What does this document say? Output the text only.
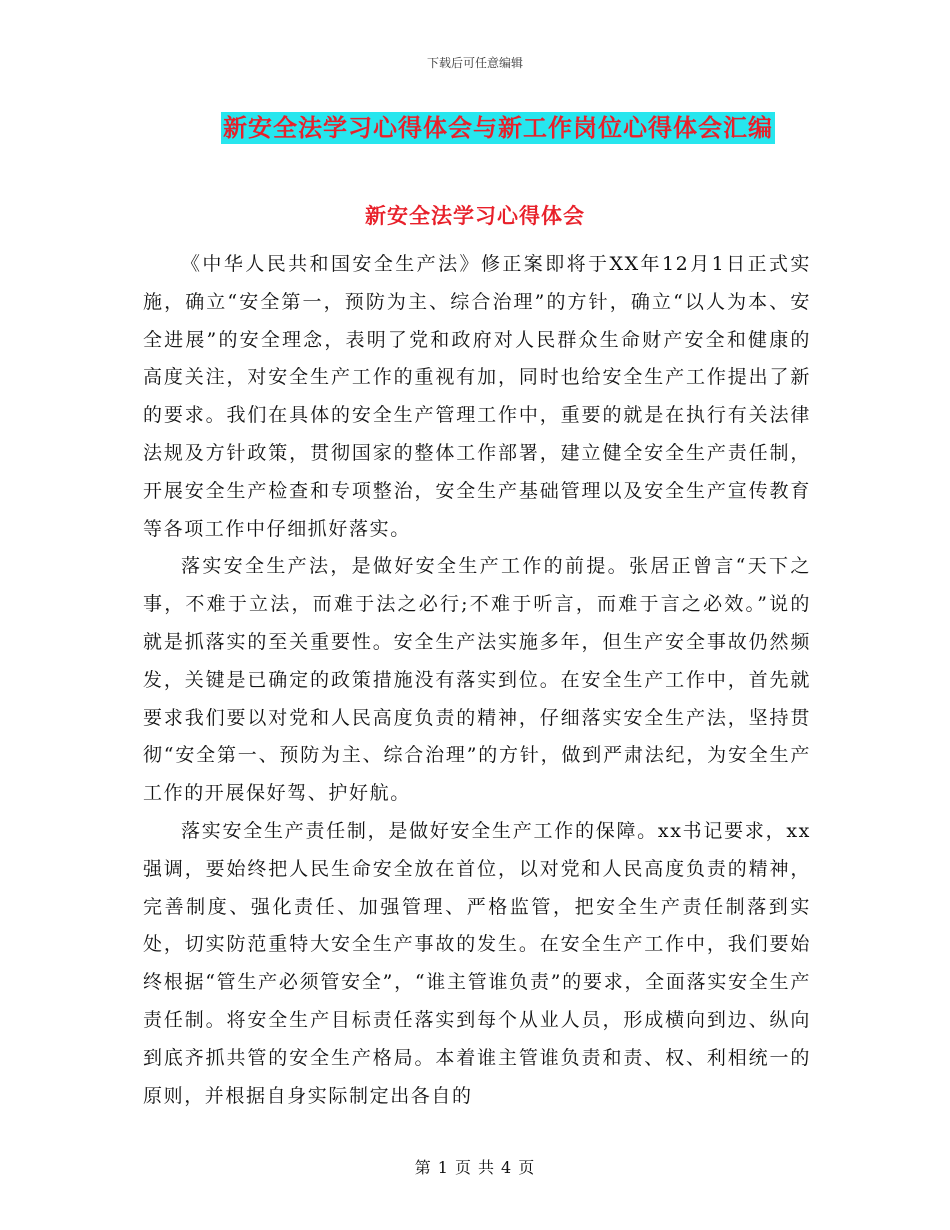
下载后可任意编辑
新安全法学习心得体会与新工作岗位心得体会汇编
新安全法学习心得体会

《中华人民共和国安全生产法》修正案即将于XX年12月1日正式实施，确立“安全第一，预防为主、综合治理”的方针，确立“以人为本、安全进展”的安全理念，表明了党和政府对人民群众生命财产安全和健康的高度关注，对安全生产工作的重视有加，同时也给安全生产工作提出了新的要求。我们在具体的安全生产管理工作中，重要的就是在执行有关法律法规及方针政策，贯彻国家的整体工作部署，建立健全安全生产责任制，开展安全生产检查和专项整治，安全生产基础管理以及安全生产宣传教育等各项工作中仔细抓好落实。

落实安全生产法，是做好安全生产工作的前提。张居正曾言“天下之事，不难于立法，而难于法之必行;不难于听言，而难于言之必效。”说的就是抓落实的至关重要性。安全生产法实施多年，但生产安全事故仍然频发，关键是已确定的政策措施没有落实到位。在安全生产工作中，首先就要求我们要以对党和人民高度负责的精神，仔细落实安全生产法，坚持贯彻“安全第一、预防为主、综合治理”的方针，做到严肃法纪，为安全生产工作的开展保好驾、护好航。

落实安全生产责任制，是做好安全生产工作的保障。xx书记要求，xx强调，要始终把人民生命安全放在首位，以对党和人民高度负责的精神，完善制度、强化责任、加强管理、严格监管，把安全生产责任制落到实处，切实防范重特大安全生产事故的发生。在安全生产工作中，我们要始终根据“管生产必须管安全”，“谁主管谁负责”的要求，全面落实安全生产责任制。将安全生产目标责任落实到每个从业人员，形成横向到边、纵向到底齐抓共管的安全生产格局。本着谁主管谁负责和责、权、利相统一的原则，并根据自身实际制定出各自的

第 1 页 共 4 页
